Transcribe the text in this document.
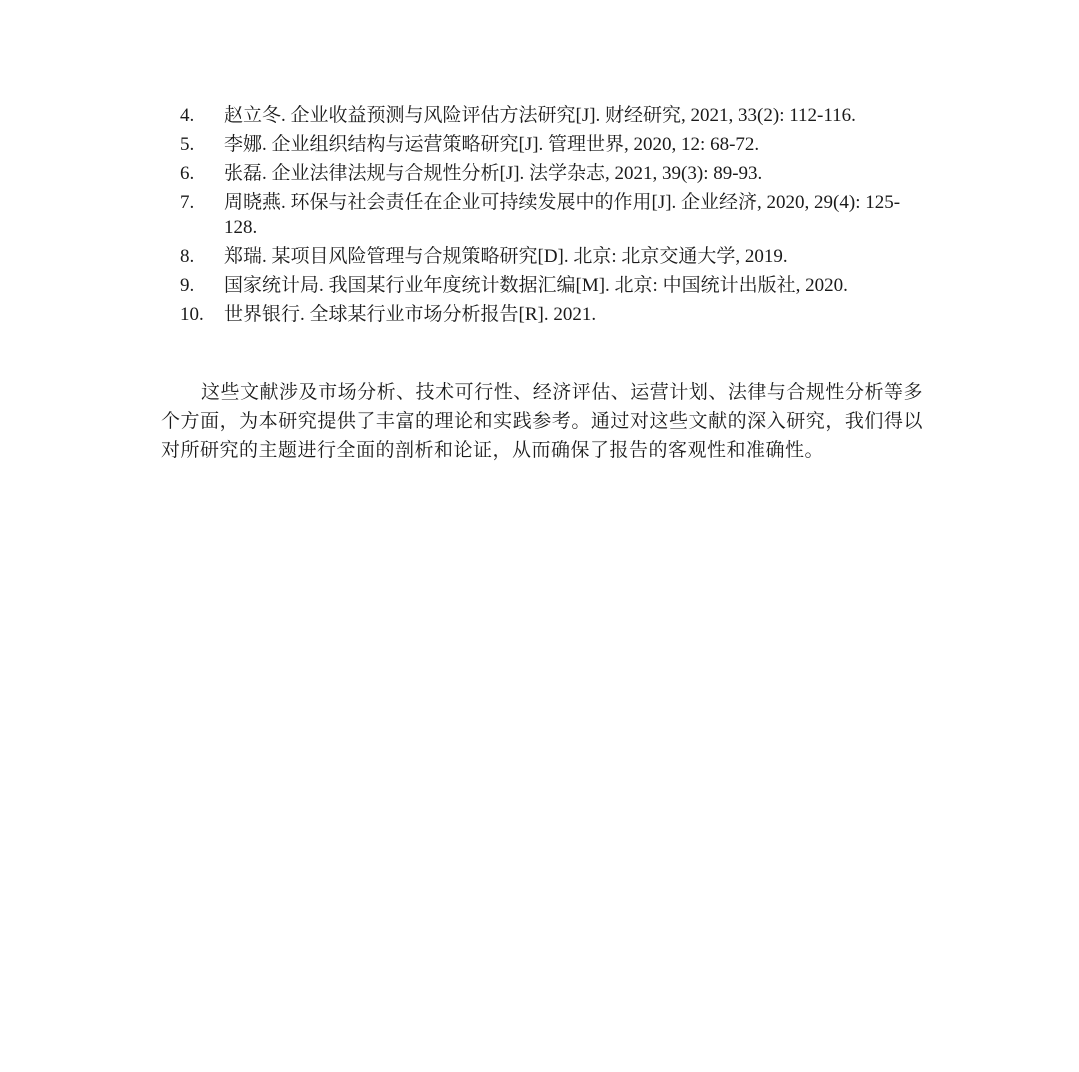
4.	赵立冬. 企业收益预测与风险评估方法研究[J]. 财经研究, 2021, 33(2): 112-116.
5.	李娜. 企业组织结构与运营策略研究[J]. 管理世界, 2020, 12: 68-72.
6.	张磊. 企业法律法规与合规性分析[J]. 法学杂志, 2021, 39(3): 89-93.
7.	周晓燕. 环保与社会责任在企业可持续发展中的作用[J]. 企业经济, 2020, 29(4): 125-128.
8.	郑瑞. 某项目风险管理与合规策略研究[D]. 北京: 北京交通大学, 2019.
9.	国家统计局. 我国某行业年度统计数据汇编[M]. 北京: 中国统计出版社, 2020.
10.	世界银行. 全球某行业市场分析报告[R]. 2021.

这些文献涉及市场分析、技术可行性、经济评估、运营计划、法律与合规性分析等多个方面，为本研究提供了丰富的理论和实践参考。通过对这些文献的深入研究，我们得以对所研究的主题进行全面的剖析和论证，从而确保了报告的客观性和准确性。
